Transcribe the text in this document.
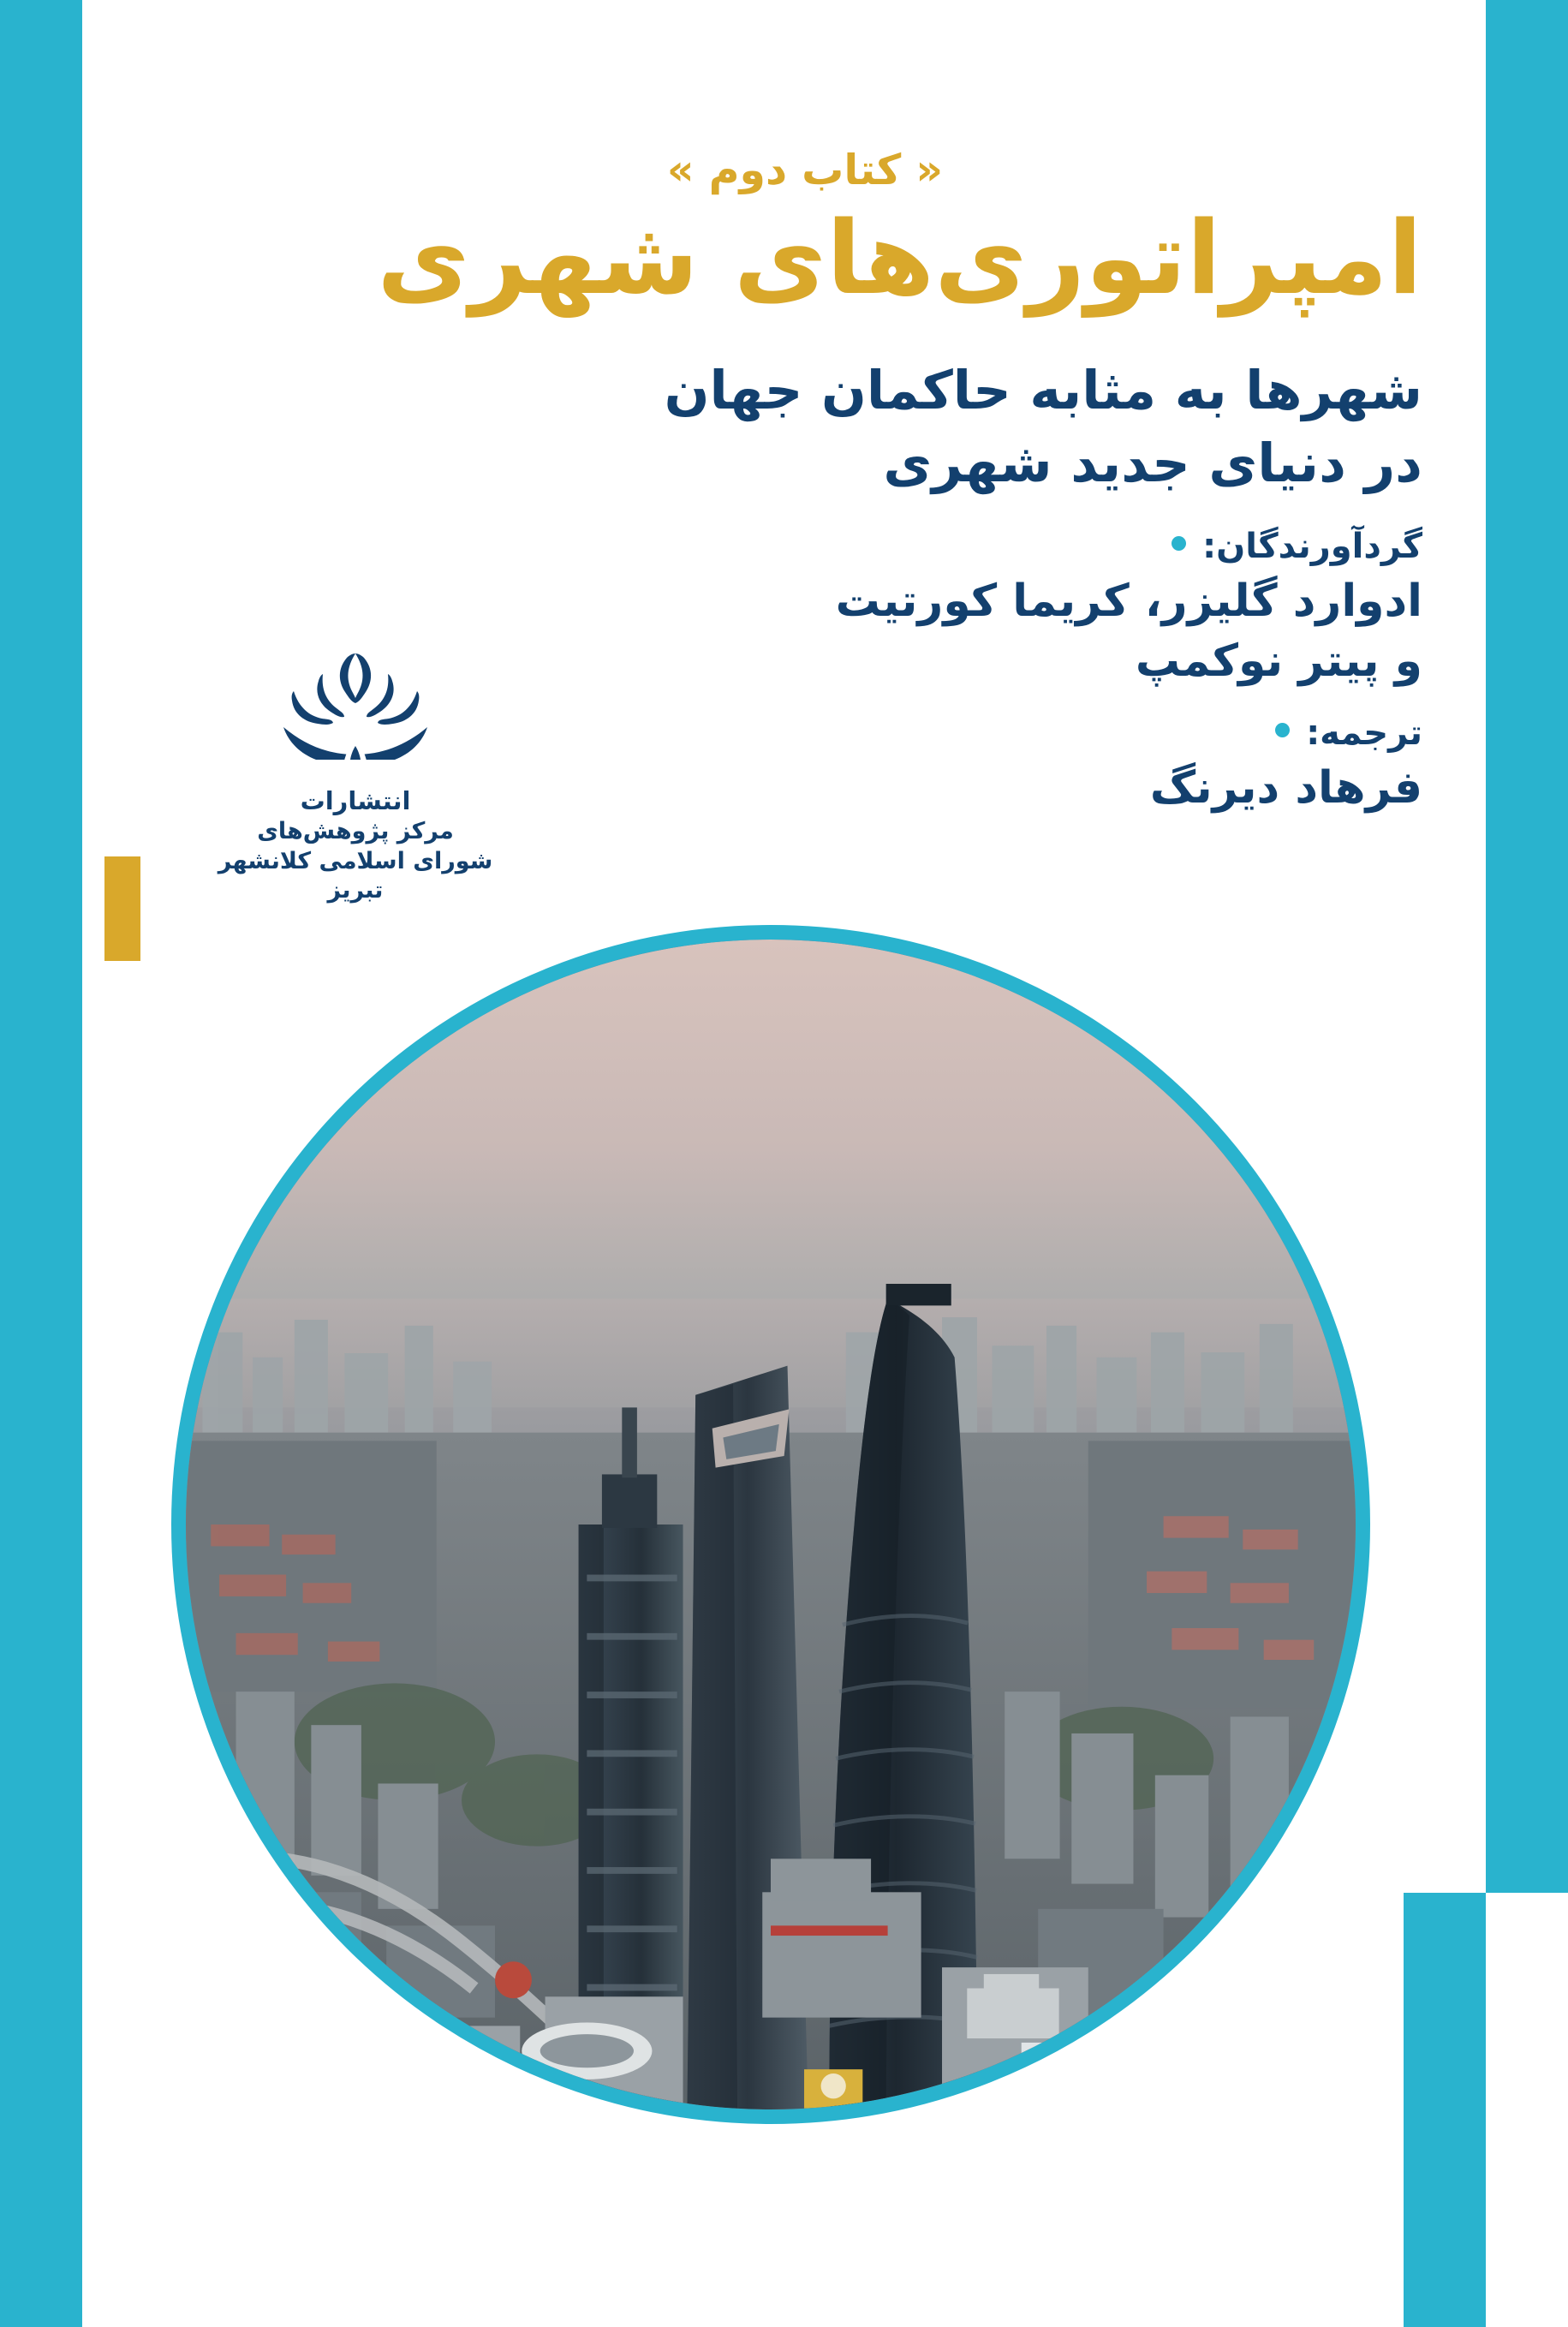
« کتاب دوم »
امپراتوری‌های شهری
شهرها به مثابه حاکمان جهان
در دنیای جدید شهری
گردآورندگان:
ادوارد گلیزر، کریما کورتیت
و پیتر نوکمپ
ترجمه:
فرهاد دیرنگ
انتشارات
مرکز پژوهش‌های
شورای اسلامی کلانشهر تبریز
